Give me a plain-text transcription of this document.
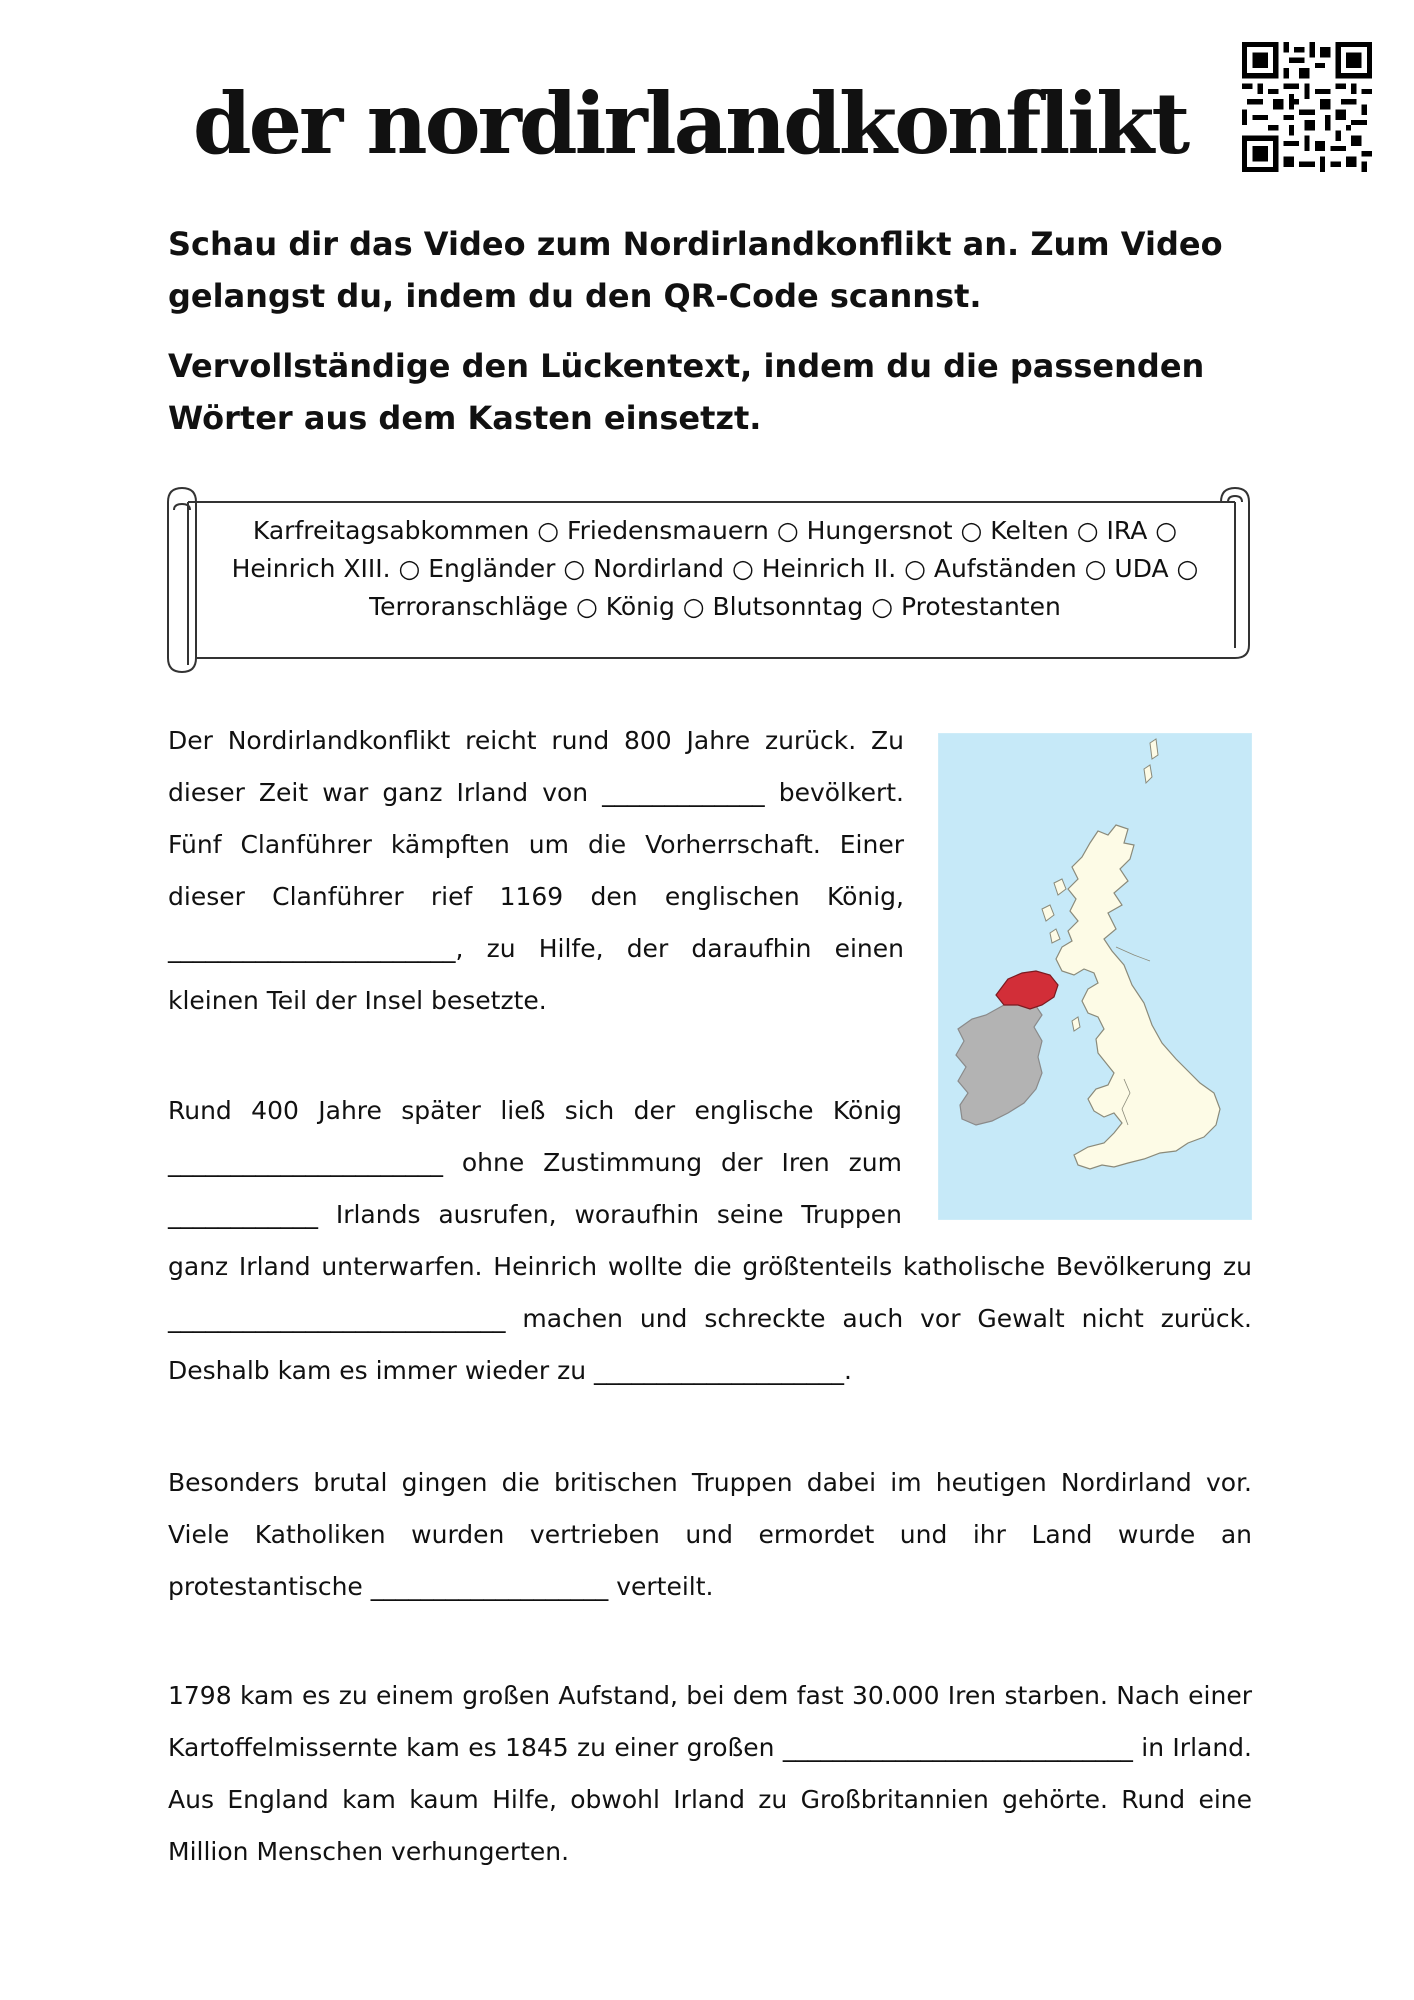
der nordirlandkonflikt
Schau dir das Video zum Nordirlandkonflikt an. Zum Video gelangst du, indem du den QR-Code scannst.
Vervollständige den Lückentext, indem du die passenden Wörter aus dem Kasten einsetzt.
Karfreitagsabkommen ○ Friedensmauern ○ Hungersnot ○ Kelten ○ IRA ○ Heinrich XIII. ○ Engländer ○ Nordirland ○ Heinrich II. ○ Aufständen ○ UDA ○ Terroranschläge ○ König ○ Blutsonntag ○ Protestanten
Der Nordirlandkonflikt reicht rund 800 Jahre zurück. Zu dieser Zeit war ganz Irland von _____________ bevölkert. Fünf Clanführer kämpften um die Vorherrschaft. Einer dieser Clanführer rief 1169 den englischen König, _______________________, zu Hilfe, der daraufhin einen kleinen Teil der Insel besetzte.
Rund 400 Jahre später ließ sich der englische König ______________________ ohne Zustimmung der Iren zum ____________ Irlands ausrufen, woraufhin seine Truppen ganz Irland unterwarfen. Heinrich wollte die größtenteils katholische Bevölkerung zu ___________________________ machen und schreckte auch vor Gewalt nicht zurück. Deshalb kam es immer wieder zu ____________________.
Besonders brutal gingen die britischen Truppen dabei im heutigen Nordirland vor. Viele Katholiken wurden vertrieben und ermordet und ihr Land wurde an protestantische ___________________ verteilt.
1798 kam es zu einem großen Aufstand, bei dem fast 30.000 Iren starben. Nach einer Kartoffelmissernte kam es 1845 zu einer großen ____________________________ in Irland. Aus England kam kaum Hilfe, obwohl Irland zu Großbritannien gehörte. Rund eine Million Menschen verhungerten.
